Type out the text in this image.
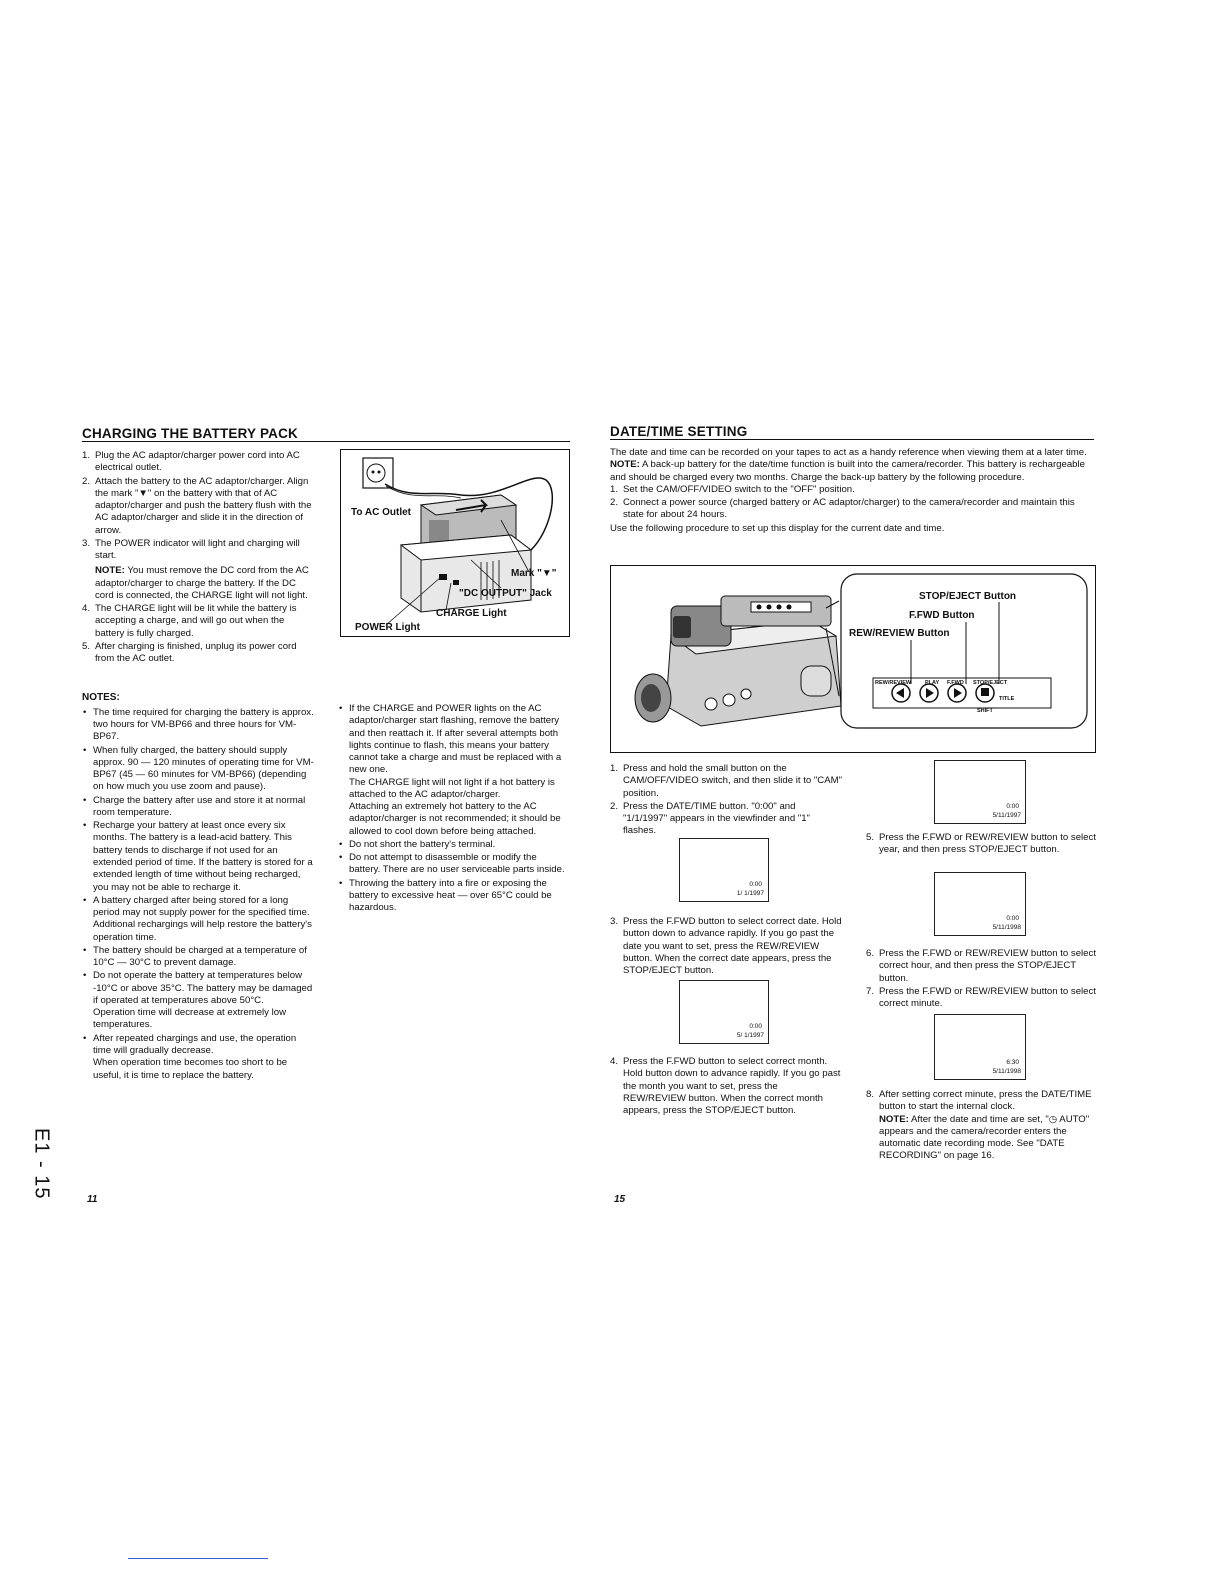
CHARGING THE BATTERY PACK
1. Plug the AC adaptor/charger power cord into AC electrical outlet.
2. Attach the battery to the AC adaptor/charger. Align the mark "▼" on the battery with that of AC adaptor/charger and push the battery flush with the AC adaptor/charger and slide it in the direction of arrow.
3. The POWER indicator will light and charging will start.
NOTE: You must remove the DC cord from the AC adaptor/charger to charge the battery. If the DC cord is connected, the CHARGE light will not light.
4. The CHARGE light will be lit while the battery is accepting a charge, and will go out when the battery is fully charged.
5. After charging is finished, unplug its power cord from the AC outlet.
To AC Outlet
Mark "▼"
"DC OUTPUT" Jack
CHARGE Light
POWER Light
NOTES:
• The time required for charging the battery is approx. two hours for VM-BP66 and three hours for VM-BP67.
• When fully charged, the battery should supply approx. 90 — 120 minutes of operating time for VM-BP67 (45 — 60 minutes for VM-BP66) (depending on how much you use zoom and pause).
• Charge the battery after use and store it at normal room temperature.
• Recharge your battery at least once every six months. The battery is a lead-acid battery. This battery tends to discharge if not used for an extended period of time. If the battery is stored for a extended length of time without being recharged, you may not be able to recharge it.
• A battery charged after being stored for a long period may not supply power for the specified time. Additional rechargings will help restore the battery's operation time.
• The battery should be charged at a temperature of 10°C — 30°C to prevent damage.
• Do not operate the battery at temperatures below -10°C or above 35°C. The battery may be damaged if operated at temperatures above 50°C.
Operation time will decrease at extremely low temperatures.
• After repeated chargings and use, the operation time will gradually decrease.
When operation time becomes too short to be useful, it is time to replace the battery.
• If the CHARGE and POWER lights on the AC adaptor/charger start flashing, remove the battery and then reattach it. If after several attempts both lights continue to flash, this means your battery cannot take a charge and must be replaced with a new one.
The CHARGE light will not light if a hot battery is attached to the AC adaptor/charger.
Attaching an extremely hot battery to the AC adaptor/charger is not recommended; it should be allowed to cool down before being attached.
• Do not short the battery's terminal.
• Do not attempt to disassemble or modify the battery. There are no user serviceable parts inside.
• Throwing the battery into a fire or exposing the battery to excessive heat — over 65°C could be hazardous.
11
E1 - 15
DATE/TIME SETTING

The date and time can be recorded on your tapes to act as a handy reference when viewing them at a later time.

NOTE: A back-up battery for the date/time function is built into the camera/recorder. This battery is rechargeable and should be charged every two months. Charge the back-up battery by the following procedure.

1. Set the CAM/OFF/VIDEO switch to the "OFF" position.
2. Connect a power source (charged battery or AC adaptor/charger) to the camera/recorder and maintain this state for about 24 hours.

Use the following procedure to set up this display for the current date and time.

STOP/EJECT Button
F.FWD Button
REW/REVIEW Button
REW/REVIEW	PLAY F.FWD STOP/EJECT
TITLE
SHIFT
1. Press and hold the small button on the CAM/OFF/VIDEO switch, and then slide it to "CAM" position.
2. Press the DATE/TIME button. "0:00" and "1/1/1997" appears in the viewfinder and "1" flashes.
3. Press the F.FWD button to select correct date. Hold button down to advance rapidly. If you go past the date you want to set, press the REW/REVIEW button. When the correct date appears, press the STOP/EJECT button.
4. Press the F.FWD button to select correct month. Hold button down to advance rapidly. If you go past the month you want to set, press the REW/REVIEW button. When the correct month appears, press the STOP/EJECT button.
5. Press the F.FWD or REW/REVIEW button to select year, and then press STOP/EJECT button.
6. Press the F.FWD or REW/REVIEW button to select correct hour, and then press the STOP/EJECT button.
7. Press the F.FWD or REW/REVIEW button to select correct minute.
8. After setting correct minute, press the DATE/TIME button to start the internal clock.
NOTE: After the date and time are set, "◷ AUTO" appears and the camera/recorder enters the automatic date recording mode. See "DATE RECORDING" on page 16.
0:00
1/ 1/1997
0:00
5/ 1/1997
0:00
5/11/1997
0:00
5/11/1998
6:30
5/11/1998
15
